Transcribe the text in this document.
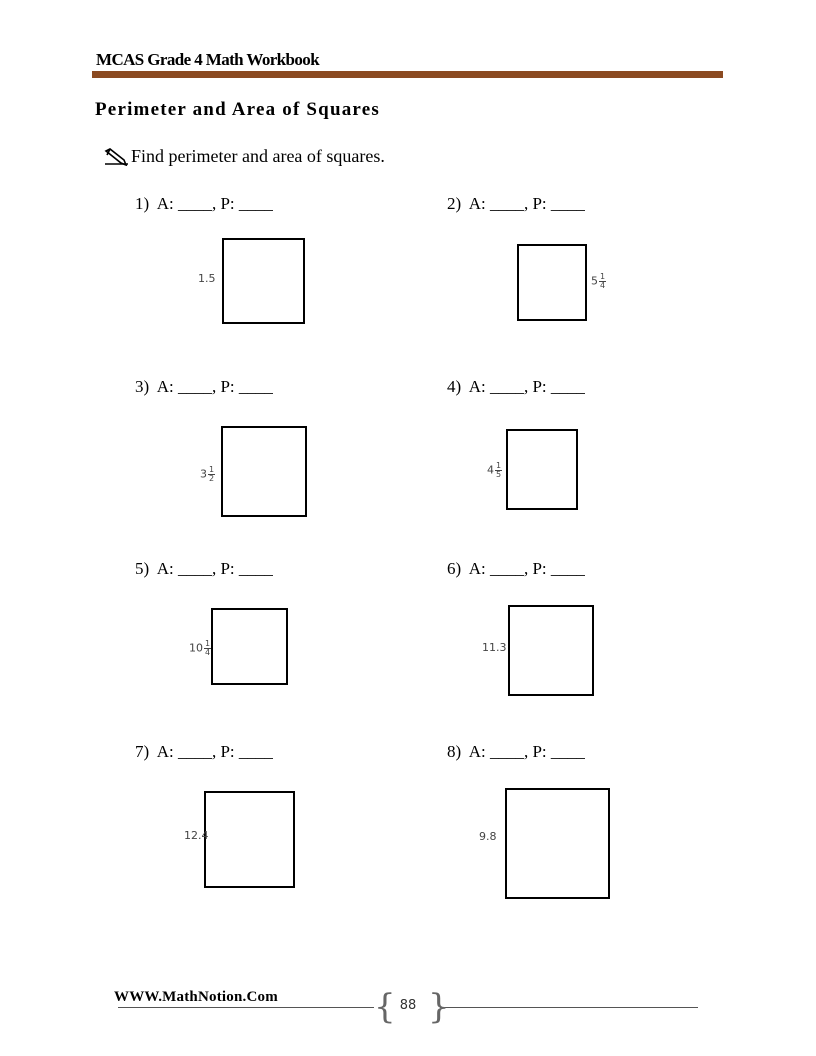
MCAS Grade 4 Math Workbook
Perimeter and Area of Squares
Find perimeter and area of squares.
1)  A: ____, P: ____
1.5
2)  A: ____, P: ____
$5 \frac{1}{4}$
3)  A: ____, P: ____
$3 \frac{1}{2}$
4)  A: ____, P: ____
$4 \frac{1}{5}$
5)  A: ____, P: ____
$10 \frac{1}{4}$
6)  A: ____, P: ____
11.3
7)  A: ____, P: ____
12.4
8)  A: ____, P: ____
9.8
WWW.MathNotion.Com	{ }
88
